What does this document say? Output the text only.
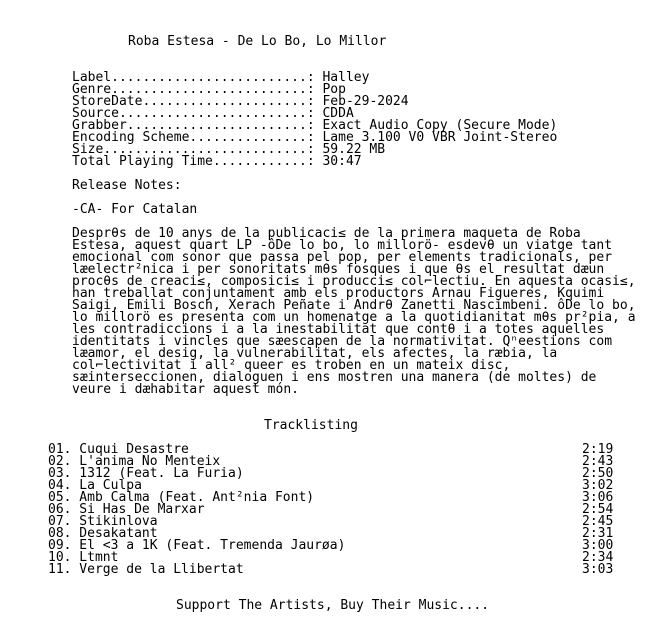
Roba Estesa - De Lo Bo, Lo Millor
Label.........................: Halley
Genre.........................: Pop
StoreDate.....................: Feb-29-2024
Source........................: CDDA
Grabber.......................: Exact Audio Copy (Secure Mode)
Encoding Scheme...............: Lame 3.100 V0 VBR Joint-Stereo
Size..........................: 59.22 MB
Total Playing Time............: 30:47
Release Notes:
-CA- For Catalan
Desprθs de 10 anys de la publicaci≤ de la primera maqueta de Roba
Estesa, aquest quart LP -ôDe lo bo, lo millorö- esdevθ un viatge tant
emocional com sonor que passa pel pop, per elements tradicionals, per
læelectr²nica i per sonoritats mθs fosques i que θs el resultat dæun
procθs de creaci≤, composici≤ i producci≤ col⌐lectiu. En aquesta ocasi≤,
han treballat conjuntament amb els productors Arnau Figueres, Kquimi
Saigi, Emili Bosch, Xerach Peñate i Andrθ Zanetti Nascimbeni. ôDe lo bo,
lo millorö es presenta com un homenatge a la quotidianitat mθs pr²pia, a
les contradiccions i a la inestabilitat que contθ i a totes aquelles
identitats i vincles que sæescapen de la normativitat. Qⁿeestions com
læamor, el desig, la vulnerabilitat, els afectes, la ræbia, la
col⌐lectivitat i all² queer es troben en un mateix disc,
sæinterseccionen, dialoguen i ens mostren una manera (de moltes) de
veure i dæhabitar aquest món.
Tracklisting
01. Cuqui Desastre	2:19
02. L'anima No Menteix	2:43
03. 1312 (Feat. La Furia)	2:50
04. La Culpa	3:02
05. Amb Calma (Feat. Ant²nia Font)	3:06
06. Si Has De Marxar	2:54
07. Stikinlova	2:45
08. Desakatant	2:31
09. El <3 a 1K (Feat. Tremenda Jaurøa)	3:00
10. Ltmnt	2:34
11. Verge de la Llibertat	3:03
Support The Artists, Buy Their Music....
